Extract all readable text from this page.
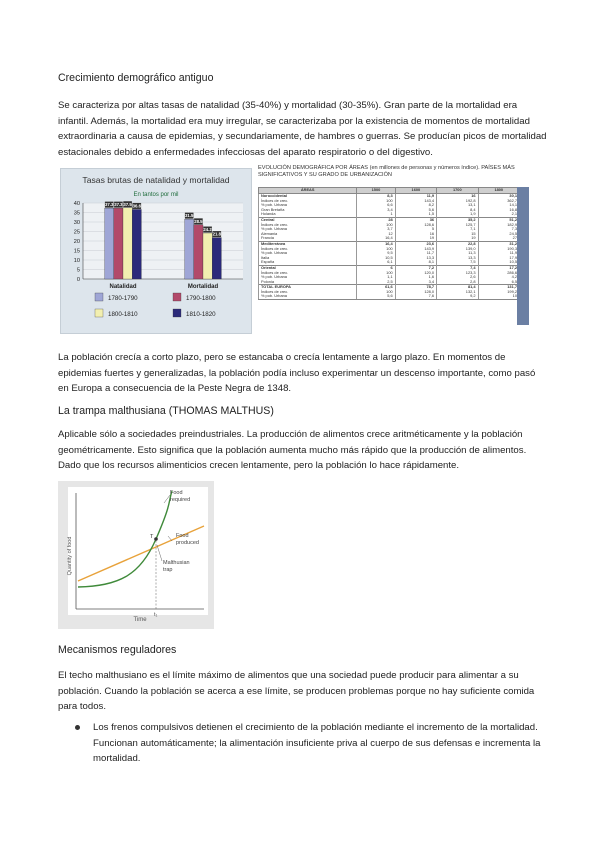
Crecimiento demográfico antiguo
Se caracteriza por altas tasas de natalidad (35-40%) y mortalidad (30-35%). Gran parte de la mortalidad era infantil. Además, la mortalidad era muy irregular, se caracterizaba por la existencia de momentos de mortalidad extraordinaria a causa de epidemias, y secundariamente, de hambres o guerras. Se producían picos de mortalidad estacionales debido a enfermedades infecciosas del aparato respiratorio o del digestivo.
Tasas brutas de natalidad y mortalidad
En tantos por mil
0
5
10
15
20
25
30
35
40	37.3 37.3 37.5 36.6
Natalidad
31.5
28.5
24.2
21.8
Mortalidad
1780-1790	1790-1800
1800-1810	1810-1820
EVOLUCIÓN DEMOGRÁFICA POR ÁREAS (en millones de personas y números índice). PAÍSES MÁS SIGNIFICATIVOS Y SU GRADO DE URBANIZACIÓN
ÁREAS	1500	1600	1700	1800
Noroccidental	8,3	11,9	16	30,1
Índices de crec.	100	143,4	192,8	362,7
% pob. Urbana	6,6	8,2	13,1	14,1
Gran Bretaña	3,4	5,6	8,4	16,8
Holanda	1	1,5	1,9	2,1
Central	28	36	35,2	51,2
Índices de crec.	100	128,6	125,7	182,9
% pob. Urbana	3,7	5	7,1	7,3
Alemania	12	16	15	24,5
Francia	16,4	19	19	27
Mediterránea	16,4	23,6	22,8	31,2
Índices de crec.	100	143,9	139,0	190,3
% pob. Urbana	9,5	11,7	11,3	11,9
Italia	10,5	13,3	13,3	17,9
España	6,1	8,1	7,5	10,5
Oriental	6	7,2	7,4	17,2
Índices de crec.	100	120,0	123,3	286,6
% pob. Urbana	1,1	1,6	2,6	4,2
Polonia	2,5	3,4	2,8	6,5
TOTAL EUROPA	61,6	78,7	81,4	131,7
Índices de crec.	100	128,0	132,1	199,2
% pob. Urbana	5,6	7,6	9,2	10
La población crecía a corto plazo, pero se estancaba o crecía lentamente a largo plazo. En momentos de epidemias fuertes y generalizadas, la población podía incluso experimentar un descenso importante, como pasó en Europa a consecuencia de la Peste Negra de 1348.
La trampa malthusiana (THOMAS MALTHUS)
Aplicable sólo a sociedades preindustriales. La producción de alimentos crece aritméticamente y la población geométricamente. Esto significa que la población aumenta mucho más rápido que la producción de alimentos. Dado que los recursos alimenticios crecen lentamente, pero la población lo hace rápidamente.
Quantity of food
Time
t₁
T
Food
required
Food
produced
Malthusian
trap
Mecanismos reguladores
El techo malthusiano es el límite máximo de alimentos que una sociedad puede producir para alimentar a su población. Cuando la población se acerca a ese límite, se producen problemas porque no hay suficiente comida para todos.
Los frenos compulsivos detienen el crecimiento de la población mediante el incremento de la mortalidad. Funcionan automáticamente; la alimentación insuficiente priva al cuerpo de sus defensas e incrementa la mortalidad.
